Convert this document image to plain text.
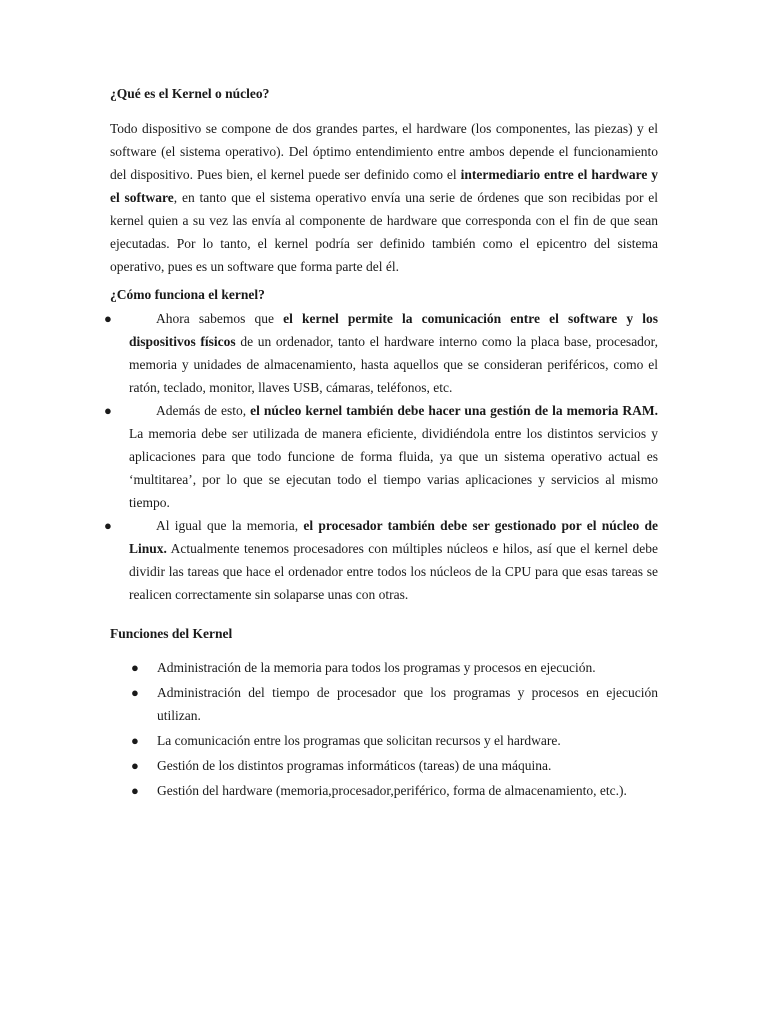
¿Qué es el Kernel o núcleo?

Todo dispositivo se compone de dos grandes partes, el hardware (los componentes, las piezas) y el software (el sistema operativo). Del óptimo entendimiento entre ambos depende el funcionamiento del dispositivo. Pues bien, el kernel puede ser definido como el intermediario entre el hardware y el software, en tanto que el sistema operativo envía una serie de órdenes que son recibidas por el kernel quien a su vez las envía al componente de hardware que corresponda con el fin de que sean ejecutadas. Por lo tanto, el kernel podría ser definido también como el epicentro del sistema operativo, pues es un software que forma parte del él.

¿Cómo funciona el kernel?
●	Ahora sabemos que el kernel permite la comunicación entre el software y los dispositivos físicos de un ordenador, tanto el hardware interno como la placa base, procesador, memoria y unidades de almacenamiento, hasta aquellos que se consideran periféricos, como el ratón, teclado, monitor, llaves USB, cámaras, teléfonos, etc.
●	Además de esto, el núcleo kernel también debe hacer una gestión de la memoria RAM. La memoria debe ser utilizada de manera eficiente, dividiéndola entre los distintos servicios y aplicaciones para que todo funcione de forma fluida, ya que un sistema operativo actual es ‘multitarea’, por lo que se ejecutan todo el tiempo varias aplicaciones y servicios al mismo tiempo.
●	Al igual que la memoria, el procesador también debe ser gestionado por el núcleo de Linux. Actualmente tenemos procesadores con múltiples núcleos e hilos, así que el kernel debe dividir las tareas que hace el ordenador entre todos los núcleos de la CPU para que esas tareas se realicen correctamente sin solaparse unas con otras.
Funciones del Kernel
● Administración de la memoria para todos los programas y procesos en ejecución.
● Administración del tiempo de procesador que los programas y procesos en ejecución utilizan.
● La comunicación entre los programas que solicitan recursos y el hardware.
● Gestión de los distintos programas informáticos (tareas) de una máquina.
● Gestión del hardware (memoria,procesador,periférico, forma de almacenamiento, etc.).
